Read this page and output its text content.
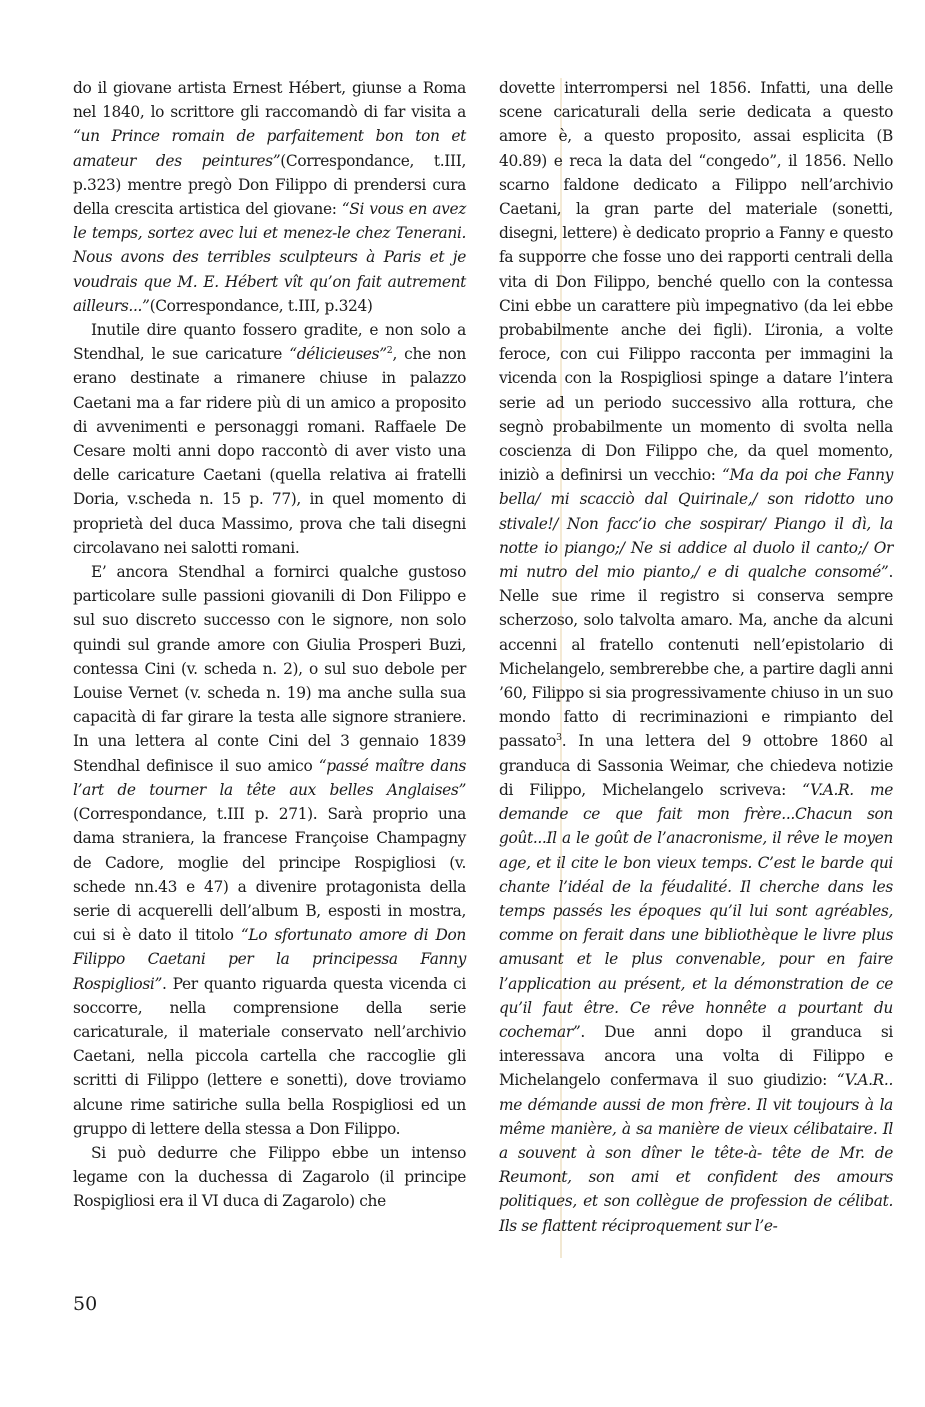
do il giovane artista Ernest Hébert, giunse a Roma nel 1840, lo scrittore gli raccomandò di far visita a “un Prince romain de parfaitement bon ton et amateur des peintures”(Correspondance, t.III, p.323) mentre pregò Don Filippo di prendersi cura della crescita artistica del giovane: “Si vous en avez le temps, sortez avec lui et menez-le chez Tenerani. Nous avons des terribles sculpteurs à Paris et je voudrais que M. E. Hébert vît qu’on fait autrement ailleurs...”(Correspondance, t.III, p.324)

Inutile dire quanto fossero gradite, e non solo a Stendhal, le sue caricature “délicieuses”$^2$, che non erano destinate a rimanere chiuse in palazzo Caetani ma a far ridere più di un amico a proposito di avvenimenti e personaggi romani. Raffaele De Cesare molti anni dopo raccontò di aver visto una delle caricature Caetani (quella relativa ai fratelli Doria, v.scheda n. 15 p. 77), in quel momento di proprietà del duca Massimo, prova che tali disegni circolavano nei salotti romani.

E’ ancora Stendhal a fornirci qualche gustoso particolare sulle passioni giovanili di Don Filippo e sul suo discreto successo con le signore, non solo quindi sul grande amore con Giulia Prosperi Buzi, contessa Cini (v. scheda n. 2), o sul suo debole per Louise Vernet (v. scheda n. 19) ma anche sulla sua capacità di far girare la testa alle signore straniere. In una lettera al conte Cini del 3 gennaio 1839 Stendhal definisce il suo amico “passé maître dans l’art de tourner la tête aux belles Anglaises” (Correspondance, t.III p. 271). Sarà proprio una dama straniera, la francese Françoise Champagny de Cadore, moglie del principe Rospigliosi (v. schede nn.43 e 47) a divenire protagonista della serie di acquerelli dell’album B, esposti in mostra, cui si è dato il titolo “Lo sfortunato amore di Don Filippo Caetani per la principessa Fanny Rospigliosi”. Per quanto riguarda questa vicenda ci soccorre, nella comprensione della serie caricaturale, il materiale conservato nell’archivio Caetani, nella piccola cartella che raccoglie gli scritti di Filippo (lettere e sonetti), dove troviamo alcune rime satiriche sulla bella Rospigliosi ed un gruppo di lettere della stessa a Don Filippo.

Si può dedurre che Filippo ebbe un intenso legame con la duchessa di Zagarolo (il principe Rospigliosi era il VI duca di Zagarolo) che

dovette interrompersi nel 1856. Infatti, una delle scene caricaturali della serie dedicata a questo amore è, a questo proposito, assai esplicita (B 40.89) e reca la data del “congedo”, il 1856. Nello scarno faldone dedicato a Filippo nell’archivio Caetani, la gran parte del materiale (sonetti, disegni, lettere) è dedicato proprio a Fanny e questo fa supporre che fosse uno dei rapporti centrali della vita di Don Filippo, benché quello con la contessa Cini ebbe un carattere più impegnativo (da lei ebbe probabilmente anche dei figli). L’ironia, a volte feroce, con cui Filippo racconta per immagini la vicenda con la Rospigliosi spinge a datare l’intera serie ad un periodo successivo alla rottura, che segnò probabilmente un momento di svolta nella coscienza di Don Filippo che, da quel momento, iniziò a definirsi un vecchio: “Ma da poi che Fanny bella/ mi scacciò dal Quirinale,/ son ridotto uno stivale!/ Non facc’io che sospirar/ Piango il dì, la notte io piango;/ Ne si addice al duolo il canto;/ Or mi nutro del mio pianto,/ e di qualche consomé”. Nelle sue rime il registro si conserva sempre scherzoso, solo talvolta amaro. Ma, anche da alcuni accenni al fratello contenuti nell’epistolario di Michelangelo, sembrerebbe che, a partire dagli anni ’60, Filippo si sia progressivamente chiuso in un suo mondo fatto di recriminazioni e rimpianto del passato$^3$. In una lettera del 9 ottobre 1860 al granduca di Sassonia Weimar, che chiedeva notizie di Filippo, Michelangelo scriveva: “V.A.R. me demande ce que fait mon frère...Chacun son goût...Il a le goût de l’anacronisme, il rêve le moyen age, et il cite le bon vieux temps. C’est le barde qui chante l’idéal de la féudalité. Il cherche dans les temps passés les époques qu’il lui sont agréables, comme on ferait dans une bibliothèque le livre plus amusant et le plus convenable, pour en faire l’application au présent, et la démonstration de ce qu’il faut être. Ce rêve honnête a pourtant du cochemar”. Due anni dopo il granduca si interessava ancora una volta di Filippo e Michelangelo confermava il suo giudizio: “V.A.R.. me démande aussi de mon frère. Il vit toujours à la même manière, à sa manière de vieux célibataire. Il a souvent à son dîner le tête-à- tête de Mr. de Reumont, son ami et confident des amours politiques, et son collègue de profession de célibat. Ils se flattent réciproquement sur l’e-

50
